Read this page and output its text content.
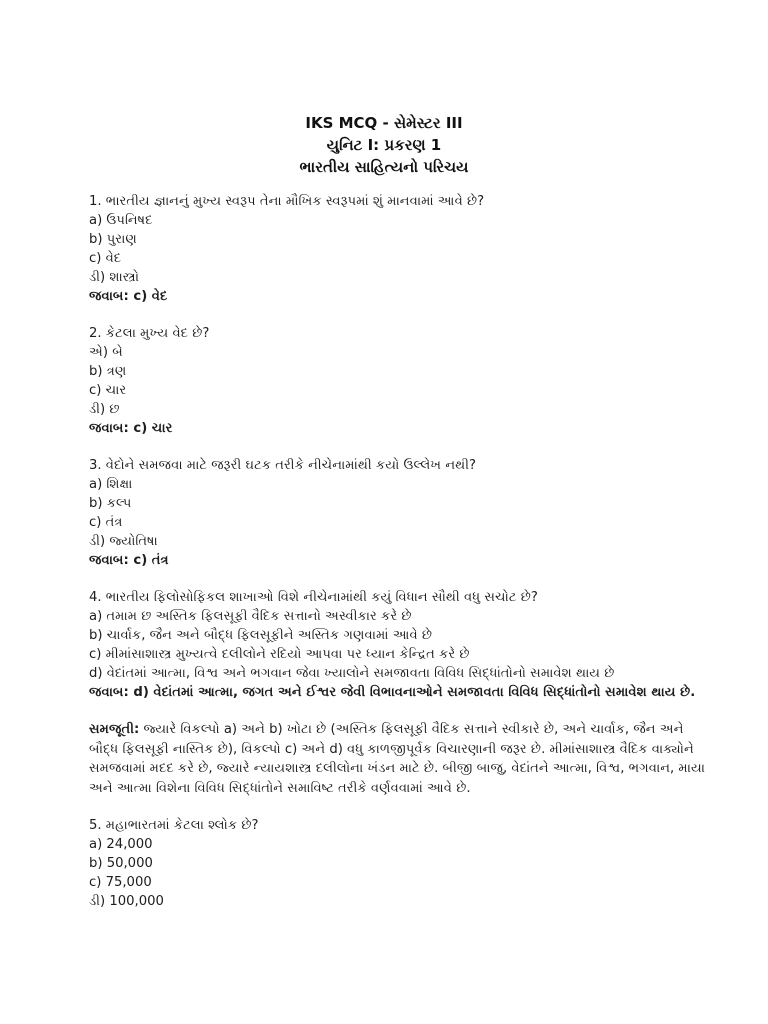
IKS MCQ - સેમેસ્ટર III
યુનિટ I: પ્રકરણ 1
ભારતીય સાહિત્યનો પરિચય
1. ભારતીય જ્ઞાનનું મુખ્ય સ્વરૂપ તેના મૌખિક સ્વરૂપમાં શું માનવામાં આવે છે?
a) ઉપનિષદ
b) પુરાણ
c) વેદ
ડી) શાસ્ત્રો
જવાબ: c) વેદ
2. કેટલા મુખ્ય વેદ છે?
એ) બે
b) ત્રણ
c) ચાર
ડી) છ
જવાબ: c) ચાર
3. વેદોને સમજવા માટે જરૂરી ઘટક તરીકે નીચેનામાંથી કયો ઉલ્લેખ નથી?
a) શિક્ષા
b) કલ્પ
c) તંત્ર
ડી) જ્યોતિષા
જવાબ: c) તંત્ર
4. ભારતીય ફિલોસોફિકલ શાખાઓ વિશે નીચેનામાંથી કયું વિધાન સૌથી વધુ સચોટ છે?
a) તમામ છ અસ્તિક ફિલસૂફી વૈદિક સત્તાનો અસ્વીકાર કરે છે
b) ચાર્વાક, જૈન અને બૌદ્ધ ફિલસૂફીને અસ્તિક ગણવામાં આવે છે
c) મીમાંસાશાસ્ત્ર મુખ્યત્વે દલીલોને રદિયો આપવા પર ધ્યાન કેન્દ્રિત કરે છે
d) વેદાંતમાં આત્મા, વિશ્વ અને ભગવાન જેવા ખ્યાલોને સમજાવતા વિવિધ સિદ્ધાંતોનો સમાવેશ થાય છે
જવાબ: d) વેદાંતમાં આત્મા, જગત અને ઈશ્વર જેવી વિભાવનાઓને સમજાવતા વિવિધ સિદ્ધાંતોનો સમાવેશ થાય છે.
સમજૂતી: જ્યારે વિકલ્પો a) અને b) ખોટા છે (અસ્તિક ફિલસૂફી વૈદિક સત્તાને સ્વીકારે છે, અને ચાર્વાક, જૈન અને બૌદ્ધ ફિલસૂફી નાસ્તિક છે), વિકલ્પો c) અને d) વધુ કાળજીપૂર્વક વિચારણાની જરૂર છે. મીમાંસાશાસ્ત્ર વૈદિક વાક્યોને સમજવામાં મદદ કરે છે, જ્યારે ન્યાયશાસ્ત્ર દલીલોના ખંડન માટે છે. બીજી બાજુ, વેદાંતને આત્મા, વિશ્વ, ભગવાન, માયા અને આત્મા વિશેના વિવિધ સિદ્ધાંતોને સમાવિષ્ટ તરીકે વર્ણવવામાં આવે છે.
5. મહાભારતમાં કેટલા શ્લોક છે?
a) 24,000
b) 50,000
c) 75,000
ડી) 100,000
